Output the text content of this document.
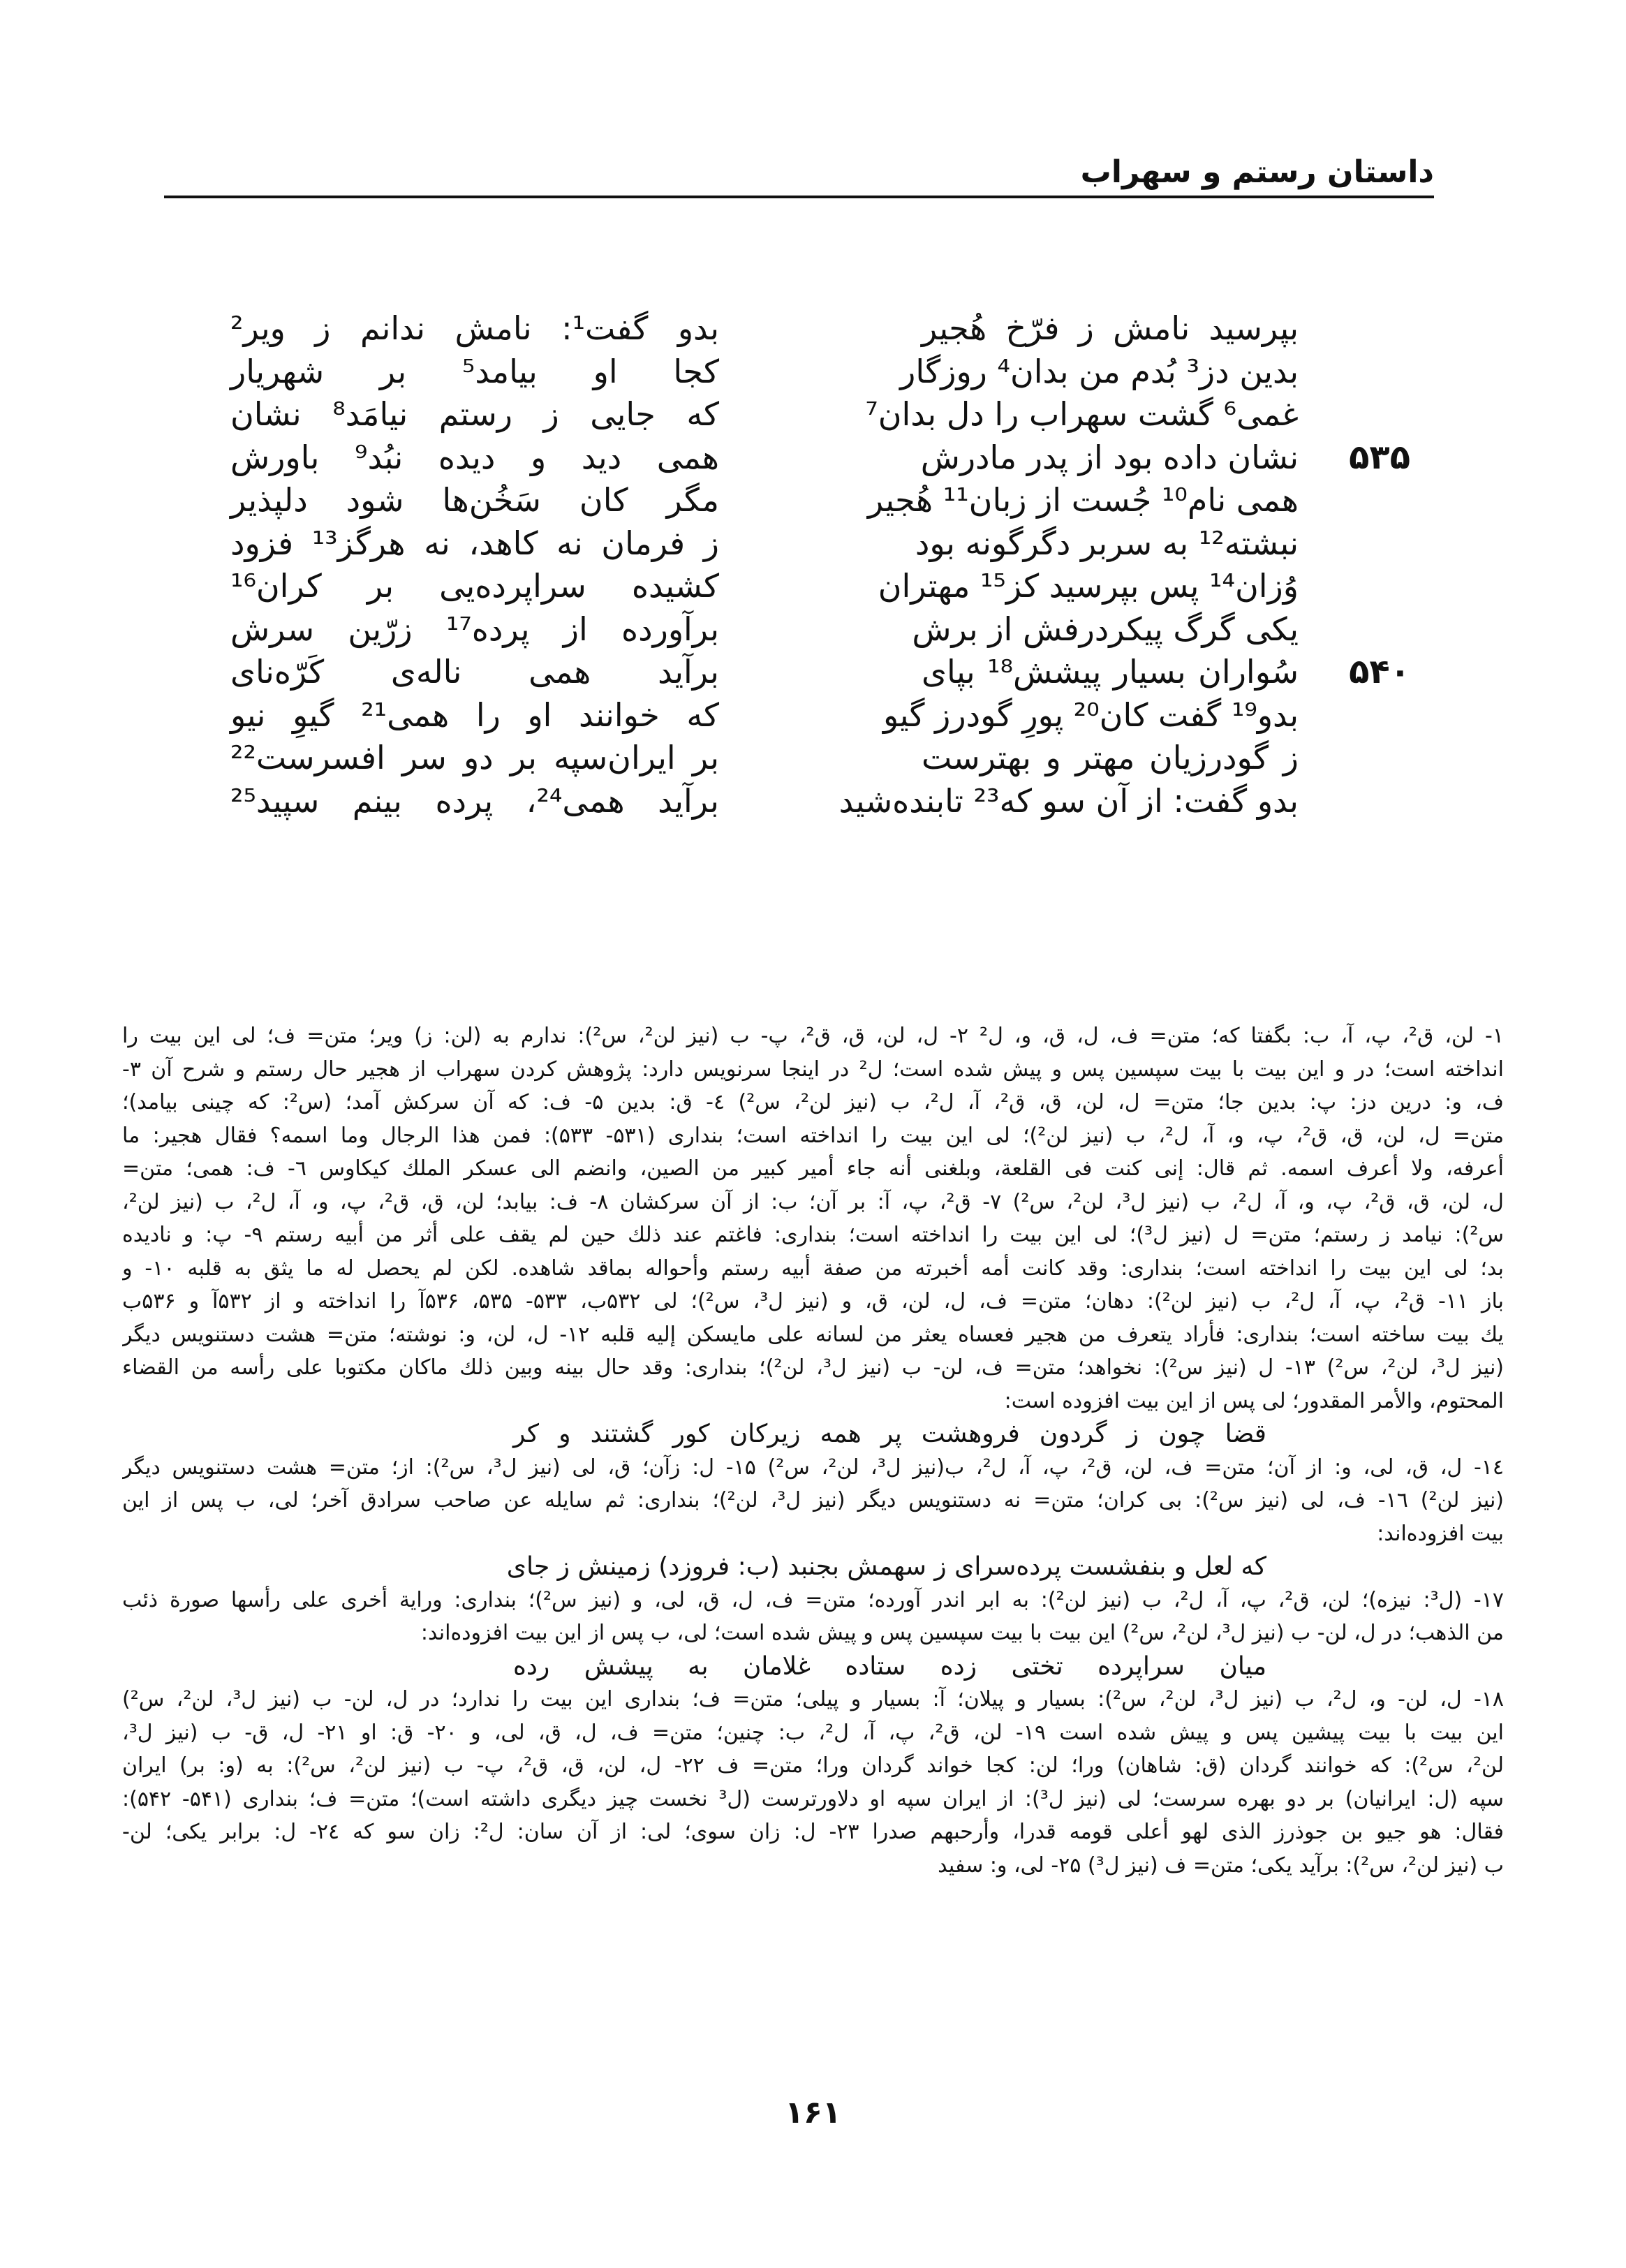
داستان رستم و سهراب
بپرسید نامش ز فرّخ هُجیر
بدین دز³ بُدم من بدان⁴ روزگار
غمی⁶ گشت سهراب را دل بدان⁷
۵۳۵
نشان داده بود از پدر مادرش
همی نام¹⁰ جُست از زبان¹¹ هُجیر
نبشته¹² به سربر دگرگونه بود
وُزان¹⁴ پس بپرسید کز¹⁵ مهتران
یکی گرگ پیکردرفش از برش
۵۴۰
سُواران بسیار پیشش¹⁸ بپای
بدو¹⁹ گفت کان²⁰ پورِ گودرز گیو
ز گودرزیان مهتر و بهترست
بدو گفت: از آن سو که²³ تابنده‌شید
بدو گفت¹: نامش ندانم ز ویر²
کجا او بیامد⁵ بر شهریار
که جایی ز رستم نیامَد⁸ نشان
همی دید و دیده نبُد⁹ باورش
مگر کان سَخُن‌ها شود دلپذیر
ز فرمان نه کاهد، نه هرگز¹³ فزود
کشیده سراپرده‌یی بر کران¹⁶
برآورده از پرده¹⁷ زرّین سرش
برآید همی ناله‌ی کَرّه‌نای
که خوانند او را همی²¹ گیوِ نیو
بر ایران‌سپه بر دو سر افسرست²²
برآید همی²⁴، پرده بینم سپید²⁵
۱- لن، ق²، پ، آ، ب: بگفتا که؛ متن= ف، ل، ق، و، ل² ۲- ل، لن، ق، ق²، پ- ب (نیز لن²، س²): ندارم به (لن: ز) ویر؛ متن= ف؛ لی این بیت را
انداخته است؛ در و این بیت با بیت سپسین پس و پیش شده است؛ ل² در اینجا سرنویس دارد: پژوهش کردن سهراب از هجیر حال رستم و شرح آن ۳-
ف، و: درین دز: پ: بدین جا؛ متن= ل، لن، ق، ق²، آ، ل²، ب (نیز لن²، س²) ٤- ق: بدین ۵- ف: که آن سرکش آمد؛ (س²: که چینی بیامد)؛
متن= ل، لن، ق، ق²، پ، و، آ، ل²، ب (نیز لن²)؛ لی این بیت را انداخته است؛ بنداری (۵۳۱- ۵۳۳): فمن هذا الرجال وما اسمه؟ فقال هجیر: ما
أعرفه، ولا أعرف اسمه. ثم قال: إنی کنت فی القلعة، وبلغنی أنه جاء أمیر کبیر من الصین، وانضم الی عسکر الملك کیکاوس ٦- ف: همی؛ متن=
ل، لن، ق، ق²، پ، و، آ، ل²، ب (نیز ل³، لن²، س²) ۷- ق²، پ، آ: بر آن؛ ب: از آن سرکشان ۸- ف: بیابد؛ لن، ق، ق²، پ، و، آ، ل²، ب (نیز لن²،
س²): نیامد ز رستم؛ متن= ل (نیز ل³)؛ لی این بیت را انداخته است؛ بنداری: فاغتم عند ذلك حین لم یقف علی أثر من أبیه رستم ۹- پ: و نادیده
بد؛ لی این بیت را انداخته است؛ بنداری: وقد کانت أمه أخبرته من صفة أبیه رستم وأحواله بماقد شاهده. لکن لم یحصل له ما یثق به قلبه ۱۰- و
باز ۱۱- ق²، پ، آ، ل²، ب (نیز لن²): دهان؛ متن= ف، ل، لن، ق، و (نیز ل³، س²)؛ لی ۵۳۲ب، ۵۳۳- ۵۳۵، ۵۳۶آ را انداخته و از ۵۳۲آ و ۵۳۶ب
یك بیت ساخته است؛ بنداری: فأراد یتعرف من هجیر فعساه یعثر من لسانه علی مایسکن إلیه قلبه ۱۲- ل، لن، و: نوشته؛ متن= هشت دستنویس دیگر
(نیز ل³، لن²، س²) ۱۳- ل (نیز س²): نخواهد؛ متن= ف، لن- ب (نیز ل³، لن²)؛ بنداری: وقد حال بینه وبین ذلك ماکان مکتوبا علی رأسه من القضاء
المحتوم، والأمر المقدور؛ لی پس از این بیت افزوده است:
قضا چون ز گردون فروهشت پر همه زیرکان کور گشتند و کر
۱٤- ل، ق، لی، و: از آن؛ متن= ف، لن، ق²، پ، آ، ل²، ب(نیز ل³، لن²، س²) ۱۵- ل: زآن؛ ق، لی (نیز ل³، س²): از؛ متن= هشت دستنویس دیگر
(نیز لن²) ۱٦- ف، لی (نیز س²): بی کران؛ متن= نه دستنویس دیگر (نیز ل³، لن²)؛ بنداری: ثم سایله عن صاحب سرادق آخر؛ لی، ب پس از این
بیت افزوده‌اند:
که لعل و بنفشست پرده‌سرای ز سهمش بجنبد (ب: فروزد) زمینش ز جای
۱۷- (ل³: نیزه)؛ لن، ق²، پ، آ، ل²، ب (نیز لن²): به ابر اندر آورده؛ متن= ف، ل، ق، لی، و (نیز س²)؛ بنداری: وراية أخرى علی رأسها صورة ذئب
من الذهب؛ در ل، لن- ب (نیز ل³، لن²، س²) این بیت با بیت سپسین پس و پیش شده است؛ لی، ب پس از این بیت افزوده‌اند:
میان سراپرده تختی زده ستاده غلامان به پیشش رده
۱۸- ل، لن- و، ل²، ب (نیز ل³، لن²، س²): بسیار و پیلان؛ آ: بسیار و پیلی؛ متن= ف؛ بنداری این بیت را ندارد؛ در ل، لن- ب (نیز ل³، لن²، س²)
این بیت با بیت پیشین پس و پیش شده است ۱۹- لن، ق²، پ، آ، ل²، ب: چنین؛ متن= ف، ل، ق، لی، و ۲۰- ق: او ۲۱- ل، ق- ب (نیز ل³،
لن²، س²): که خوانند گردان (ق: شاهان) ورا؛ لن: کجا خواند گردان ورا؛ متن= ف ۲۲- ل، لن، ق، ق²، پ- ب (نیز لن²، س²): به (و: بر) ایران
سپه (ل: ایرانیان) بر دو بهره سرست؛ لی (نیز ل³): از ایران سپه او دلاورترست (ل³ نخست چیز دیگری داشته است)؛ متن= ف؛ بنداری (۵۴۱- ۵۴۲):
فقال: هو جیو بن جوذرز الذی لهو أعلی قومه قدرا، وأرحبهم صدرا ۲۳- ل: زان سوی؛ لی: از آن سان: ل²: زان سو که ۲٤- ل: برابر یکی؛ لن-
ب (نیز لن²، س²): برآید یکی؛ متن= ف (نیز ل³) ۲۵- لی، و: سفید
۱۶۱
